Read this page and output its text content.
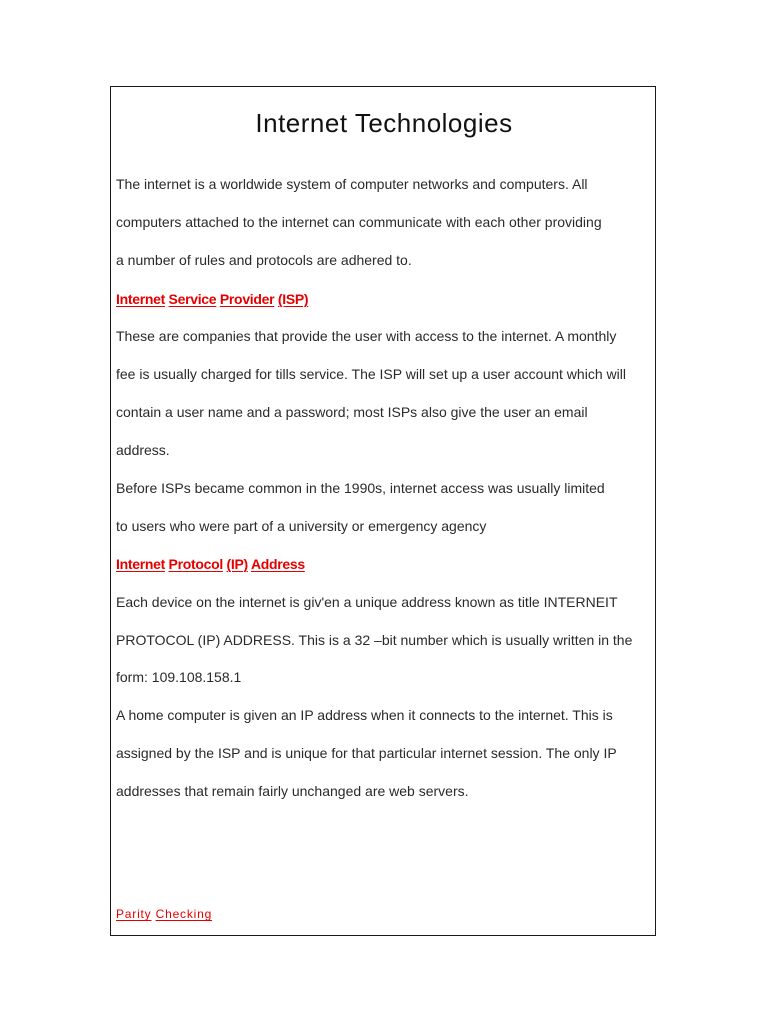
Internet Technologies

The internet is a worldwide system of computer networks and computers. All

computers attached to the internet can communicate with each other providing

a number of rules and protocols are adhered to.

Internet Service Provider (ISP)

These are companies that provide the user with access to the internet. A monthly

fee is usually charged for tills service. The ISP will set up a user account which will

contain a user name and a password; most ISPs also give the user an email

address.

Before ISPs became common in the 1990s, internet access was usually limited

to users who were part of a university or emergency agency

Internet Protocol (IP) Address

Each device on the internet is giv'en a unique address known as title INTERNEIT

PROTOCOL (IP) ADDRESS. This is a 32 –bit number which is usually written in the

form: 109.108.158.1

A home computer is given an IP address when it connects to the internet. This is

assigned by the ISP and is unique for that particular internet session. The only IP

addresses that remain fairly unchanged are web servers.

Parity Checking
